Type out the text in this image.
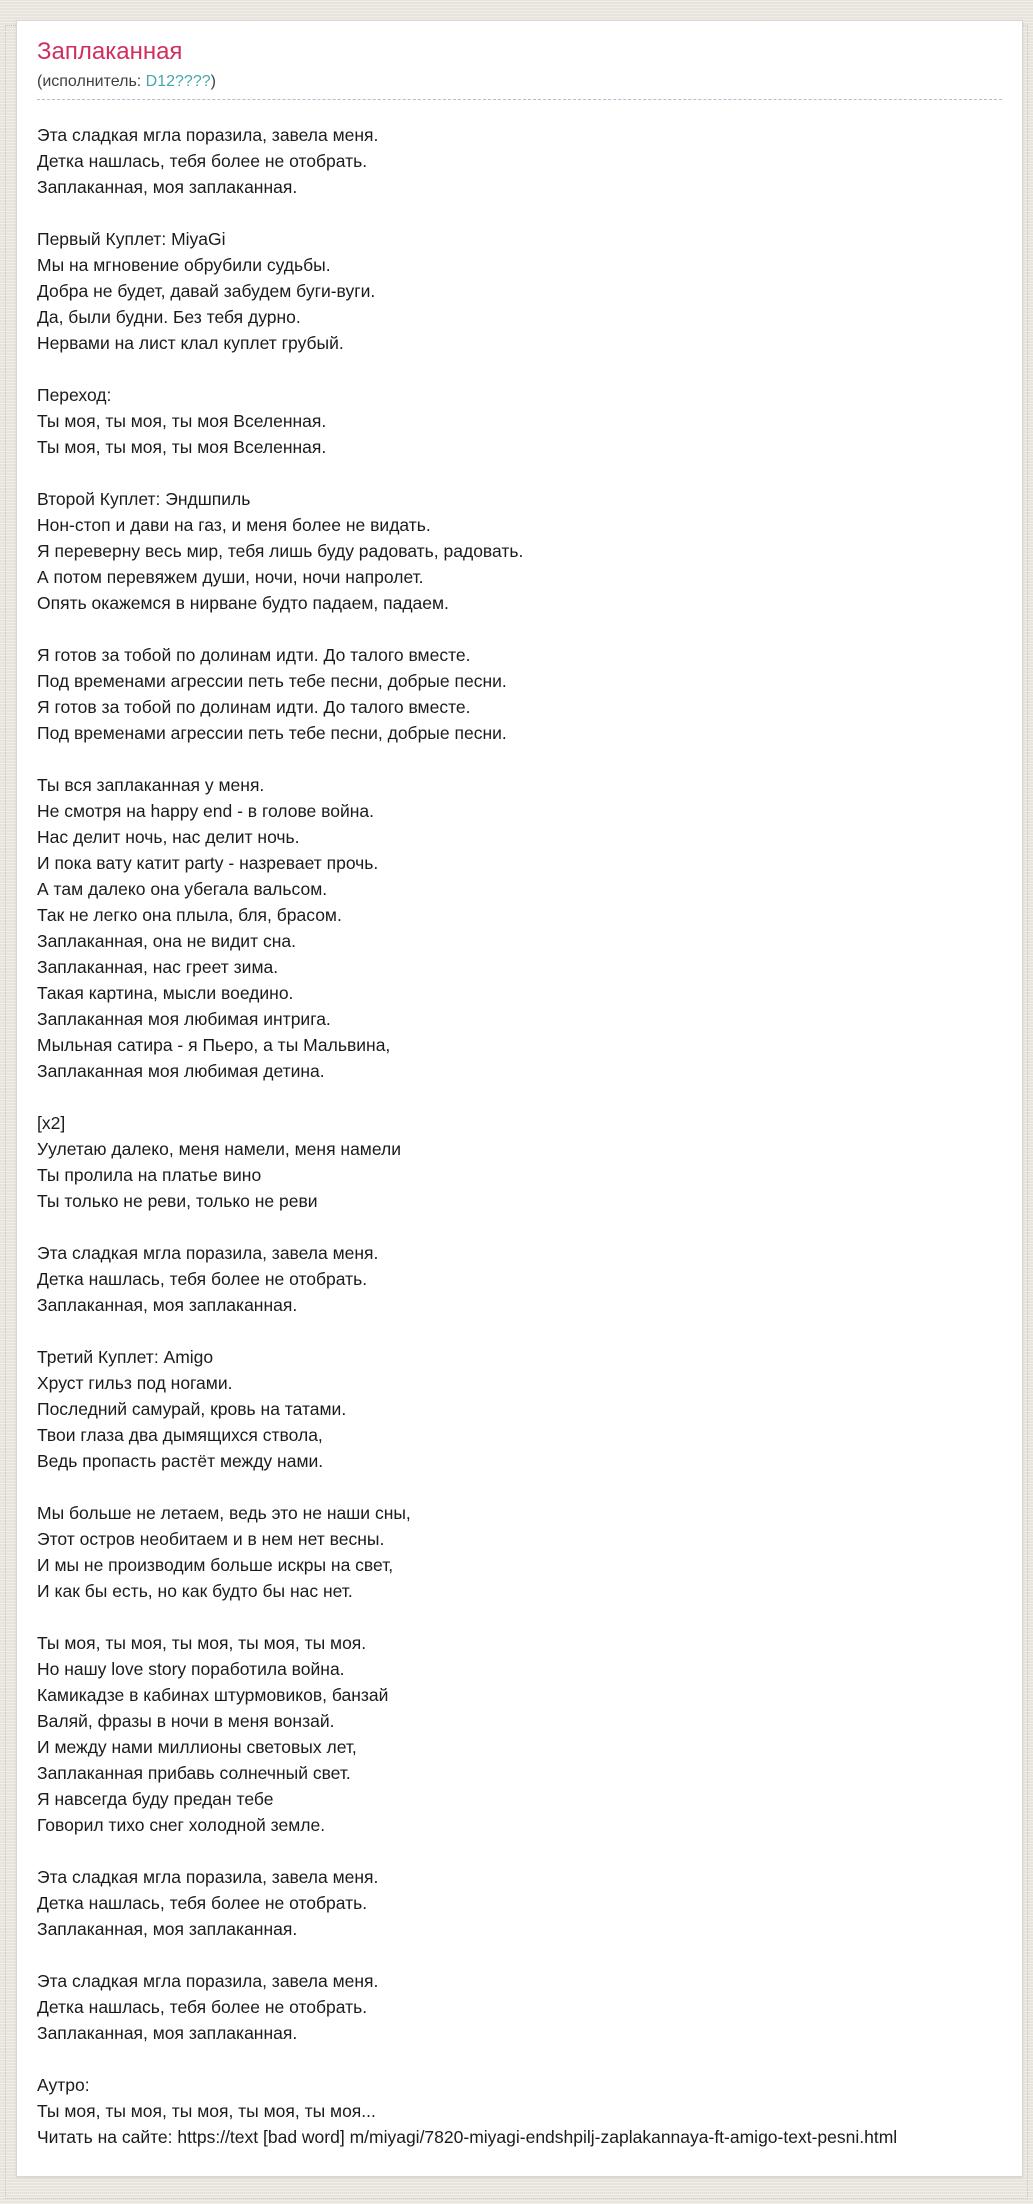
Заплаканная
(исполнитель: D12????)

Эта сладкая мгла поразила, завела меня.
Детка нашлась, тебя более не отобрать.
Заплаканная, моя заплаканная.

Первый Куплет: MiyaGi
Мы на мгновение обрубили судьбы.
Добра не будет, давай забудем буги-вуги.
Да, были будни. Без тебя дурно.
Нервами на лист клал куплет грубый.

Переход:
Ты моя, ты моя, ты моя Вселенная.
Ты моя, ты моя, ты моя Вселенная.

Второй Куплет: Эндшпиль
Нон-стоп и дави на газ, и меня более не видать.
Я переверну весь мир, тебя лишь буду радовать, радовать.
А потом перевяжем души, ночи, ночи напролет.
Опять окажемся в нирване будто падаем, падаем.

Я готов за тобой по долинам идти. До талого вместе.
Под временами агрессии петь тебе песни, добрые песни.
Я готов за тобой по долинам идти. До талого вместе.
Под временами агрессии петь тебе песни, добрые песни.

Ты вся заплаканная у меня.
Не смотря на happy end - в голове война.
Нас делит ночь, нас делит ночь.
И пока вату катит party - назревает прочь.
А там далеко она убегала вальсом.
Так не легко она плыла, бля, брасом.
Заплаканная, она не видит сна.
Заплаканная, нас греет зима.
Такая картина, мысли воедино.
Заплаканная моя любимая интрига.
Мыльная сатира - я Пьеро, а ты Мальвина,
Заплаканная моя любимая детина.

[x2]
Уулетаю далеко, меня намели, меня намели
Ты пролила на платье вино
Ты только не реви, только не реви

Эта сладкая мгла поразила, завела меня.
Детка нашлась, тебя более не отобрать.
Заплаканная, моя заплаканная.

Третий Куплет: Amigo
Хруст гильз под ногами.
Последний самурай, кровь на татами.
Твои глаза два дымящихся ствола,
Ведь пропасть растёт между нами.

Мы больше не летаем, ведь это не наши сны,
Этот остров необитаем и в нем нет весны.
И мы не производим больше искры на свет,
И как бы есть, но как будто бы нас нет.

Ты моя, ты моя, ты моя, ты моя, ты моя.
Но нашу love story поработила война.
Камикадзе в кабинах штурмовиков, банзай
Валяй, фразы в ночи в меня вонзай.
И между нами миллионы световых лет,
Заплаканная прибавь солнечный свет.
Я навсегда буду предан тебе
Говорил тихо снег холодной земле.

Эта сладкая мгла поразила, завела меня.
Детка нашлась, тебя более не отобрать.
Заплаканная, моя заплаканная.

Эта сладкая мгла поразила, завела меня.
Детка нашлась, тебя более не отобрать.
Заплаканная, моя заплаканная.

Аутро:
Ты моя, ты моя, ты моя, ты моя, ты моя...

Читать на сайте: https://text [bad word] m/miyagi/7820-miyagi-endshpilj-zaplakannaya-ft-amigo-text-pesni.html
